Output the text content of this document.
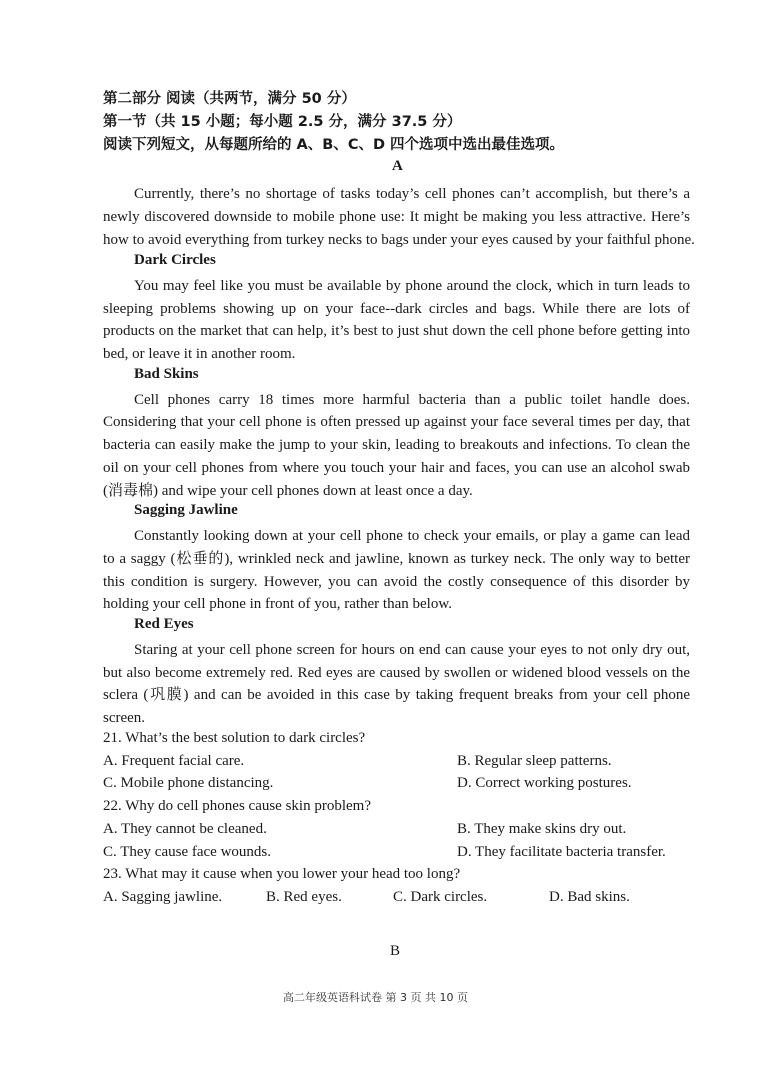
第二部分 阅读（共两节，满分 50 分）
第一节（共 15 小题；每小题 2.5 分，满分 37.5 分）
阅读下列短文，从每题所给的 A、B、C、D 四个选项中选出最佳选项。
A
Currently, there’s no shortage of tasks today’s cell phones can’t accomplish, but there’s a
newly discovered downside to mobile phone use: It might be making you less attractive. Here’s
how to avoid everything from turkey necks to bags under your eyes caused by your faithful phone.
Dark Circles
You may feel like you must be available by phone around the clock, which in turn leads to
sleeping problems showing up on your face--dark circles and bags. While there are lots of
products on the market that can help, it’s best to just shut down the cell phone before getting into
bed, or leave it in another room.
Bad Skins
Cell phones carry 18 times more harmful bacteria than a public toilet handle does.
Considering that your cell phone is often pressed up against your face several times per day, that
bacteria can easily make the jump to your skin, leading to breakouts and infections. To clean the
oil on your cell phones from where you touch your hair and faces, you can use an alcohol swab
(消毒棉) and wipe your cell phones down at least once a day.
Sagging Jawline
Constantly looking down at your cell phone to check your emails, or play a game can lead
to a saggy (松垂的), wrinkled neck and jawline, known as turkey neck. The only way to better
this condition is surgery. However, you can avoid the costly consequence of this disorder by
holding your cell phone in front of you, rather than below.
Red Eyes
Staring at your cell phone screen for hours on end can cause your eyes to not only dry out,
but also become extremely red. Red eyes are caused by swollen or widened blood vessels on the
sclera (巩膜) and can be avoided in this case by taking frequent breaks from your cell phone
screen.
21. What’s the best solution to dark circles?
A. Frequent facial care.	B. Regular sleep patterns.
C. Mobile phone distancing.	D. Correct working postures.
22. Why do cell phones cause skin problem?
A. They cannot be cleaned.	B. They make skins dry out.
C. They cause face wounds.	D. They facilitate bacteria transfer.
23. What may it cause when you lower your head too long?
A. Sagging jawline.	B. Red eyes.	C. Dark circles.	D. Bad skins.
B
高二年级英语科试卷 第 3 页 共 10 页
